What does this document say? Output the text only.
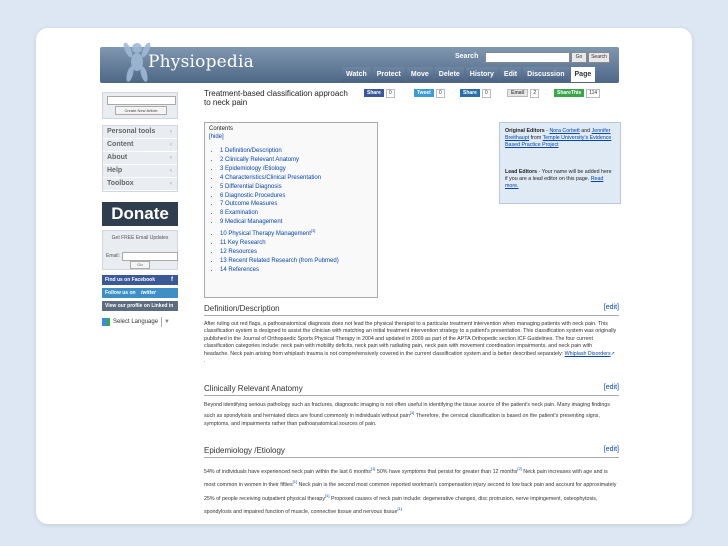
Physiopedia	Search	Go	Search
Watch	Protect	Move	Delete	History	Edit	Discussion	Page
Create New Article
Personal tools ‹
Content	‹
About	‹
Help	‹
Toolbox	‹
Donate
Get FREE Email Updates
Email:
Go
Find us on Facebook	f
Follow us on twitter
View our profile on Linked in
Select Language	▼
Treatment-based classification approach to neck pain
Share 0	Tweet 0	Share 0	Email 2	ShareThis 114
Contents
[hide]
• 1 Definition/Description
• 2 Clinically Relevant Anatomy
• 3 Epidemiology /Etiology
• 4 Characteristics/Clinical Presentation
• 5 Differential Diagnosis
• 6 Diagnostic Procedures
• 7 Outcome Measures
• 8 Examination
• 9 Medical Management
• 10 Physical Therapy Management[3]
• 11 Key Research
• 12 Resources
• 13 Recent Related Research (from Pubmed)
• 14 References
Original Editors - Nora Corbett and Jennifer Breithaupt from Temple University's Evidence Based Practice Project
Lead Editors - Your name will be added here if you are a lead editor on this page. Read more.
Definition/Description	[edit]
After ruling out red flags, a pathoanatomical diagnosis does not lead the physical therapist to a particular treatment intervention when managing patients with neck pain. This classification system is designed to assist the clinician with matching an initial treatment intervention strategy to a patient's presentation. This classification system was originally published in the Journal of Orthopaedic Sports Physical Therapy in 2004 and updated in 2009 as part of the APTA Orthopedic section ICF Guidelines. The four current classification categories include: neck pain with mobility deficits, neck pain with radiating pain, neck pain with movement coordination impairments, and neck pain with headache. Neck pain arising from whiplash trauma is not comprehensively covered in the current classification system and is better described separately: Whiplash Disorders↗ .
Clinically Relevant Anatomy	[edit]
Beyond identifying serious pathology such as fractures, diagnostic imaging is not often useful in identifying the tissue source of the patient's neck pain. Many imaging findings such as spondylosis and herniated discs are found commonly in individuals without pain[1] Therefore, the cervical classification is based on the patient's presenting signs, symptoms, and impairments rather than pathoanatomical sources of pain.
Epidemiology /Etiology	[edit]
54% of individuals have experienced neck pain within the last 6 months[1] 50% have symptoms that persist for greater than 12 months[2] Neck pain increases with age and is most common in women in their fifties[1] Neck pain is the second most common reported workman's compensation injury second to low back pain and account for approximately 25% of people receiving outpatient physical therapy[1] Proposed causes of neck pain include: degenerative changes, disc protrusion, nerve impingement, osteophytosis, spondylosis and impaired function of muscle, connective tissue and nervous tissue[1]
